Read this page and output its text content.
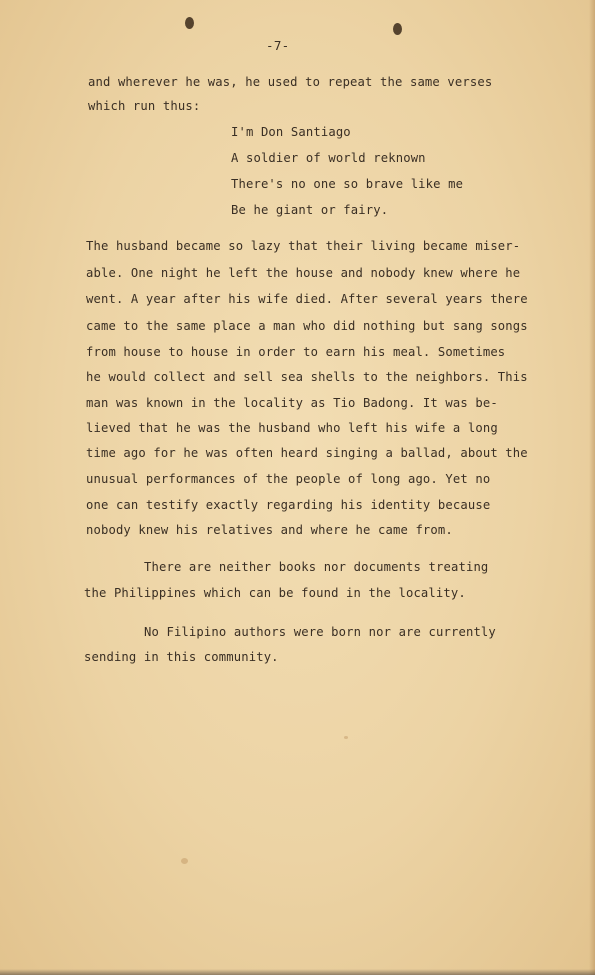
-7-
and wherever he was, he used to repeat the same verses
which run thus:
I'm Don Santiago
A soldier of world reknown
There's no one so brave like me
Be he giant or fairy.
The husband became so lazy that their living became miser-
able. One night he left the house and nobody knew where he
went. A year after his wife died. After several years there
came to the same place a man who did nothing but sang songs
from house to house in order to earn his meal. Sometimes
he would collect and sell sea shells to the neighbors. This
man was known in the locality as Tio Badong. It was be-
lieved that he was the husband who left his wife a long
time ago for he was often heard singing a ballad, about the
unusual performances of the people of long ago. Yet no
one can testify exactly regarding his identity because
nobody knew his relatives and where he came from.
There are neither books nor documents treating
the Philippines which can be found in the locality.
No Filipino authors were born nor are currently
sending in this community.
